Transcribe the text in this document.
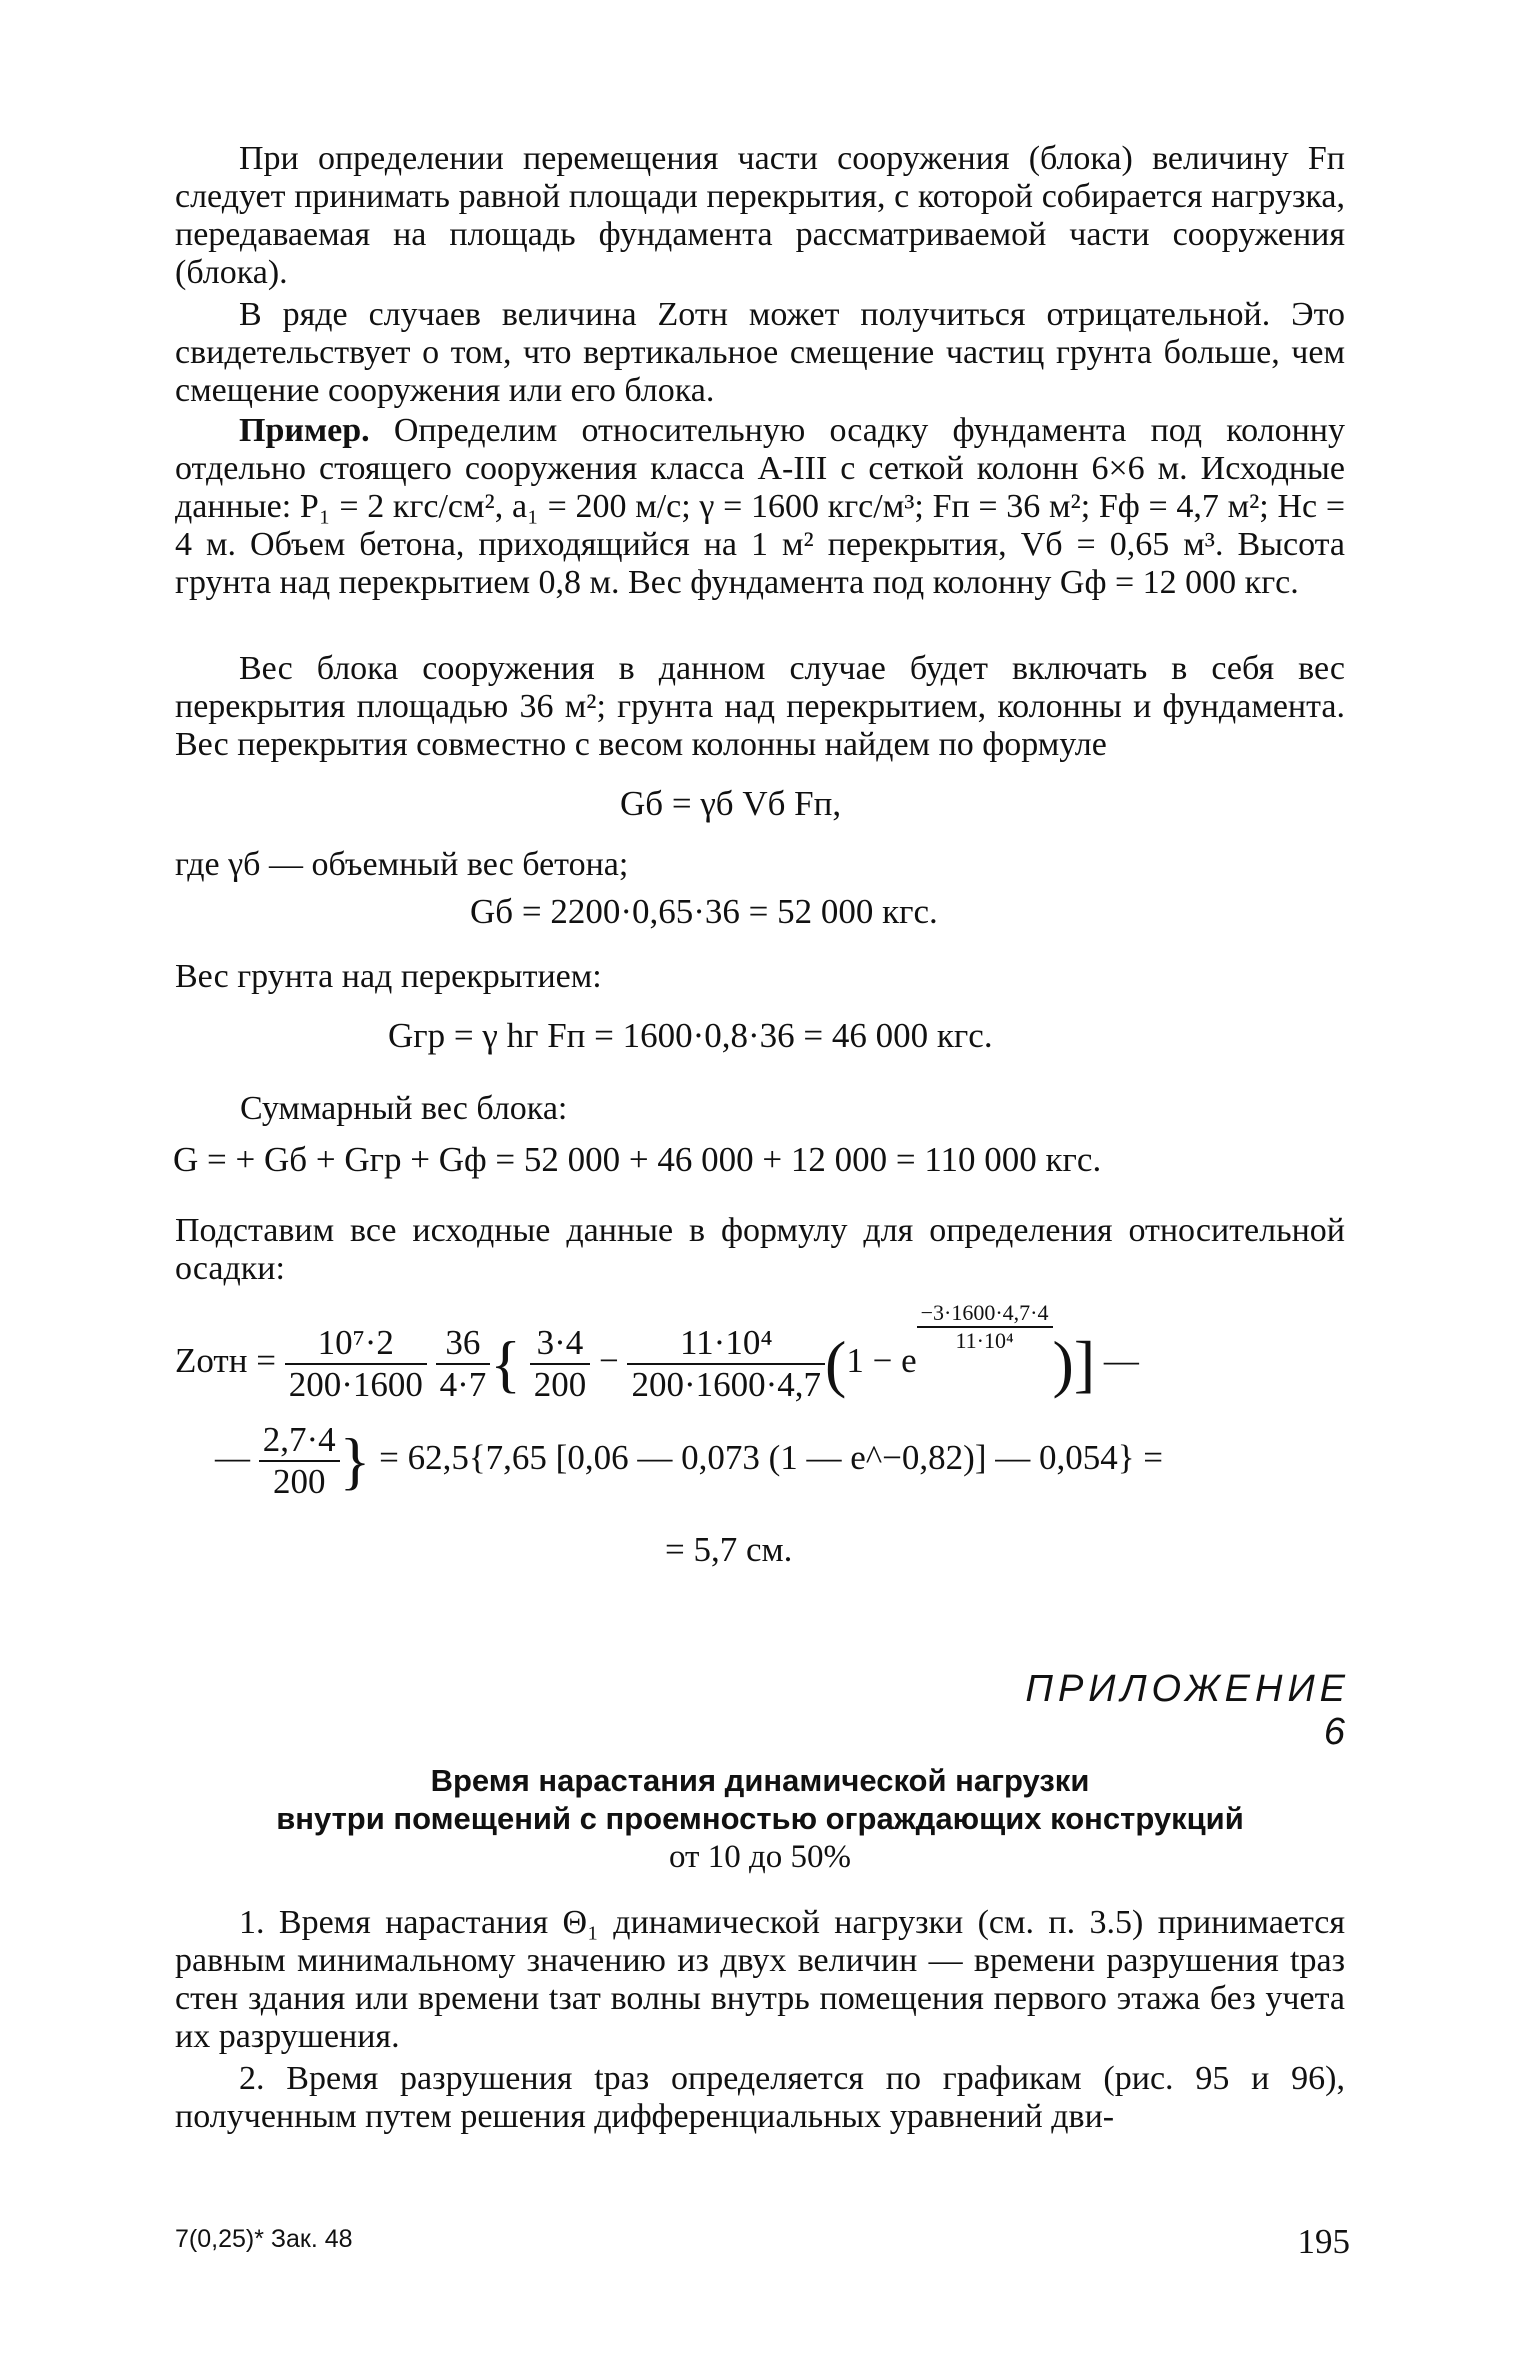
При определении перемещения части сооружения (блока) величину Fп следует принимать равной площади перекрытия, с которой собирается нагрузка, передаваемая на площадь фундамента рассматриваемой части сооружения (блока).

В ряде случаев величина Zотн может получиться отрицательной. Это свидетельствует о том, что вертикальное смещение частиц грунта больше, чем смещение сооружения или его блока.

Пример. Определим относительную осадку фундамента под колонну отдельно стоящего сооружения класса А-III с сеткой колонн 6×6 м. Исходные данные: P₁ = 2 кгс/см², a₁ = 200 м/с; γ = 1600 кгс/м³; Fп = 36 м²; Fф = 4,7 м²; Hс = 4 м. Объем бетона, приходящийся на 1 м² перекрытия, Vб = 0,65 м³. Высота грунта над перекрытием 0,8 м. Вес фундамента под колонну Gф = 12 000 кгс.

Вес блока сооружения в данном случае будет включать в себя вес перекрытия площадью 36 м²; грунта над перекрытием, колонны и фундамента. Вес перекрытия совместно с весом колонны найдем по формуле

Gб = γб Vб Fп,

где γб — объемный вес бетона;

Gб = 2200·0,65·36 = 52 000 кгс.

Вес грунта над перекрытием:

Gгр = γ hг Fп = 1600·0,8·36 = 46 000 кгс.

Суммарный вес блока:

G = + Gб + Gгр + Gф = 52 000 + 46 000 + 12 000 = 110 000 кгс.

Подставим все исходные данные в формулу для определения относительной осадки:

Zотн = $\frac{\text{10⁷·2}}{200\cdot 1600}$
$\frac{36}{4\cdot 7}$ { $\frac{3\cdot 4}{200} - \frac{\text{11·10⁴}}{200\cdot 1600\cdot 4,7} (1 - e$
$\frac{-3\cdot 1600\cdot 4,7\cdot 4}{\text{11·10⁴}}$
)] —
— $\frac{2,7\cdot 4}{200}$ } = 62,5{7,65 [0,06 — 0,073 (1 — e^−0,82)] — 0,054} =
= 5,7 см.
ПРИЛОЖЕНИЕ 6
Время нарастания динамической нагрузки
внутри помещений с проемностью ограждающих конструкций
от 10 до 50%

1. Время нарастания Θ₁ динамической нагрузки (см. п. 3.5) принимается равным минимальному значению из двух величин — времени разрушения tраз стен здания или времени tзат волны внутрь помещения первого этажа без учета их разрушения.

2. Время разрушения tраз определяется по графикам (рис. 95 и 96), полученным путем решения дифференциальных уравнений дви-

7(0,25)* Зак. 48	195
